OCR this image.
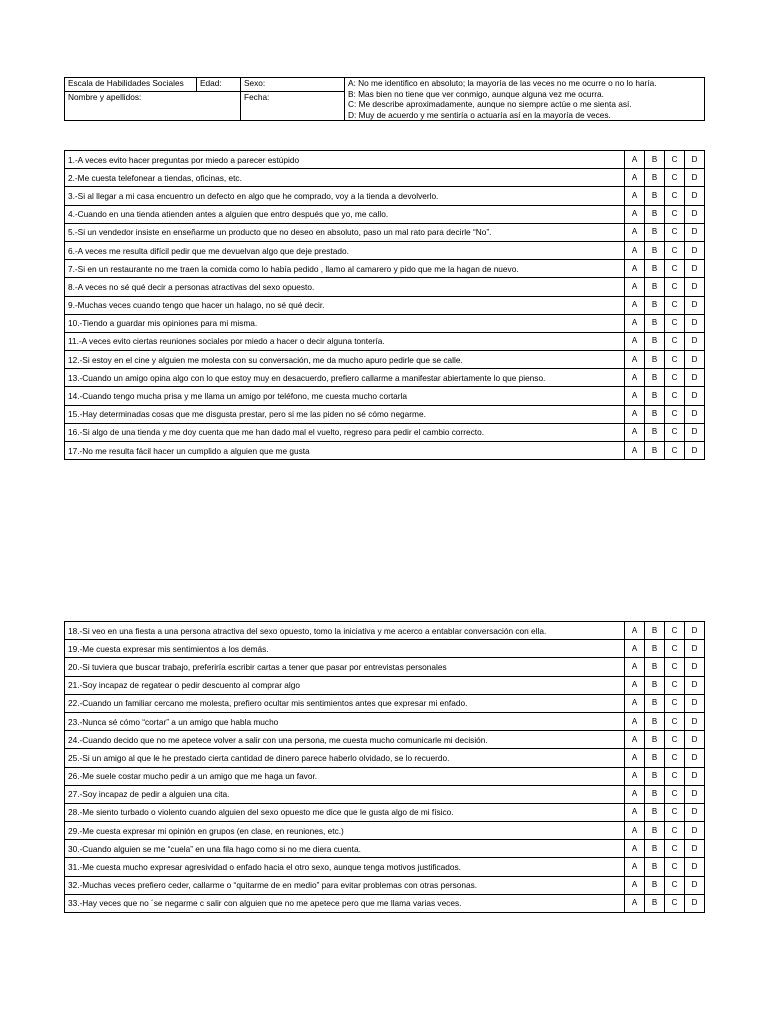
Escala de Habilidades Sociales	Edad:	Sexo:	A: No me identifico en absoluto; la mayoría de las veces no me ocurre o no lo haría.
B: Mas bien no tiene que ver conmigo, aunque alguna vez me ocurra.
C: Me describe aproximadamente, aunque no siempre actúe o me sienta así.
D: Muy de acuerdo y me sentiría o actuaría así en la mayoría de veces.

Nombre y apellidos:		Fecha:	
1.-A veces evito hacer preguntas por miedo a parecer estúpido	A	B	C	D
2.-Me cuesta telefonear a tiendas, oficinas, etc.	A	B	C	D
3.-Si al llegar a mi casa encuentro un defecto en algo que he comprado, voy a la tienda a devolverlo.	A	B	C	D
4.-Cuando en una tienda atienden antes a alguien que entro después que yo, me callo.	A	B	C	D
5.-Si un vendedor insiste en enseñarme un producto que no deseo en absoluto, paso un mal rato para decirle “No”.	A	B	C	D
6.-A veces me resulta difícil pedir que me devuelvan algo que deje prestado.	A	B	C	D
7.-Si en un restaurante no me traen la comida como lo había pedido , llamo al camarero y pido que me la hagan de nuevo.	A	B	C	D
8.-A veces no sé qué decir a personas atractivas del sexo opuesto.	A	B	C	D
9.-Muchas veces cuando tengo que hacer un halago, no sé qué decir.	A	B	C	D
10.-Tiendo a guardar mis opiniones para mi misma.	A	B	C	D
11.-A veces evito ciertas reuniones sociales por miedo a hacer o decir alguna tontería.	A	B	C	D
12.-Si estoy en el cine y alguien me molesta con su conversación, me da mucho apuro pedirle que se calle.	A	B	C	D
13.-Cuando un amigo opina algo con lo que estoy muy en desacuerdo, prefiero callarme a manifestar abiertamente lo que pienso.	A	B	C	D
14.-Cuando tengo mucha prisa y me llama un amigo por teléfono, me cuesta mucho cortarla	A	B	C	D
15.-Hay determinadas cosas que me disgusta prestar, pero si me las piden no sé cómo negarme.	A	B	C	D
16.-Si algo de una tienda y me doy cuenta que me han dado mal el vuelto, regreso para pedir el cambio correcto.	A	B	C	D
17.-No me resulta fácil hacer un cumplido a alguien que me gusta	A	B	C	D
18.-Si veo en una fiesta a una persona atractiva del sexo opuesto, tomo la iniciativa y me acerco a entablar conversación con ella.	A	B	C	D
19.-Me cuesta expresar mis sentimientos a los demás.	A	B	C	D
20.-Si tuviera que buscar trabajo, preferiría escribir cartas a tener que pasar por entrevistas personales	A	B	C	D
21.-Soy incapaz de regatear o pedir descuento al comprar algo	A	B	C	D
22.-Cuando un familiar cercano me molesta, prefiero ocultar mis sentimientos antes que expresar mi enfado.	A	B	C	D
23.-Nunca sé cómo “cortar” a un amigo que habla mucho	A	B	C	D
24.-Cuando decido que no me apetece volver a salir con una persona, me cuesta mucho comunicarle mi decisión.	A	B	C	D
25.-Si un amigo al que le he prestado cierta cantidad de dinero parece haberlo olvidado, se lo recuerdo.	A	B	C	D
26.-Me suele costar mucho pedir a un amigo que me haga un favor.	A	B	C	D
27.-Soy incapaz de pedir a alguien una cita.	A	B	C	D
28.-Me siento turbado o violento cuando alguien del sexo opuesto me dice que le gusta algo de mi físico.	A	B	C	D
29.-Me cuesta expresar mi opinión en grupos (en clase, en reuniones, etc.)	A	B	C	D
30.-Cuando alguien se me “cuela” en una fila hago como si no me diera cuenta.	A	B	C	D
31.-Me cuesta mucho expresar agresividad o enfado hacia el otro sexo, aunque tenga motivos justificados.	A	B	C	D
32.-Muchas veces prefiero ceder, callarme o “quitarme de en medio” para evitar problemas con otras personas.	A	B	C	D
33.-Hay veces que no ´se negarme c salir con alguien que no me apetece pero que me llama varias veces.	A	B	C	D
